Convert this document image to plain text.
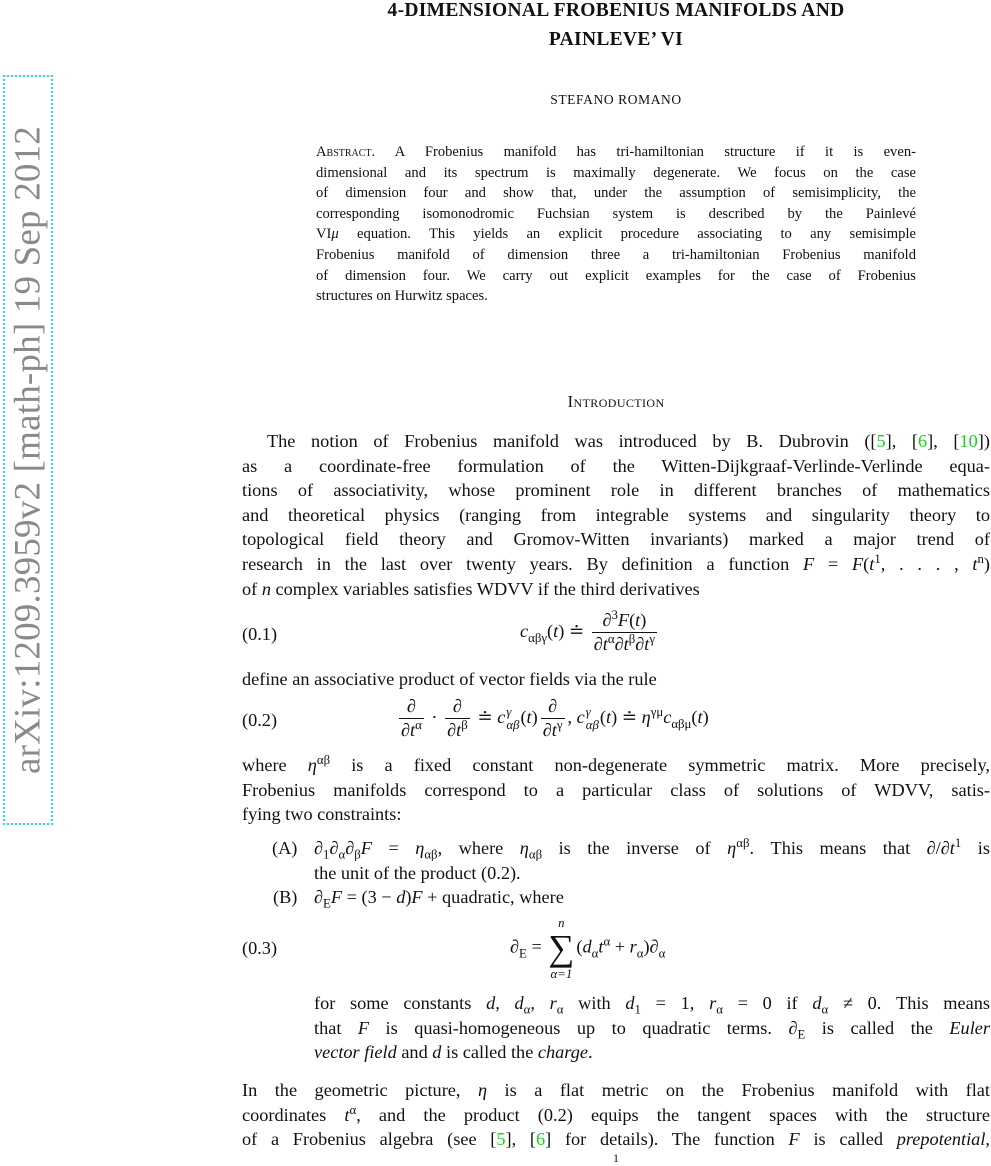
arXiv:1209.3959v2 [math-ph] 19 Sep 2012
4-DIMENSIONAL FROBENIUS MANIFOLDS AND
PAINLEVE’ VI
STEFANO ROMANO
Abstract. A Frobenius manifold has tri-hamiltonian structure if it is even-
dimensional and its spectrum is maximally degenerate. We focus on the case
of dimension four and show that, under the assumption of semisimplicity, the
corresponding isomonodromic Fuchsian system is described by the Painlevé
VIμ equation. This yields an explicit procedure associating to any semisimple
Frobenius manifold of dimension three a tri-hamiltonian Frobenius manifold
of dimension four. We carry out explicit examples for the case of Frobenius
structures on Hurwitz spaces.
Introduction
The notion of Frobenius manifold was introduced by B. Dubrovin ([5], [6], [10])
as a coordinate-free formulation of the Witten-Dijkgraaf-Verlinde-Verlinde equa-
tions of associativity, whose prominent role in different branches of mathematics
and theoretical physics (ranging from integrable systems and singularity theory to
topological field theory and Gromov-Witten invariants) marked a major trend of
research in the last over twenty years. By definition a function $F = F(t^1$, . . . , $t^n$)
of n complex variables satisfies WDVV if the third derivatives
(0.1)	$c_{\alpha\beta\gamma}(t)$ ≐ $\frac{\partial^3F(t)}{\partial t^\alpha\partial t^\beta\partial t^\gamma}$
define an associative product of vector fields via the rule
(0.2)	$\frac{\partial}{\partial t^\alpha} \cdot \frac{\partial}{\partial t^\beta}$ ≐ c γ
αβ $(t) \frac{\partial}{\partial t^\gamma}$ , c γ
αβ (t) ≐ $\eta^{\gamma\mu}c_{\alpha\beta\mu}(t)$
where $\eta^{\alpha\beta}$ is a fixed constant non-degenerate symmetric matrix. More precisely,
Frobenius manifolds correspond to a particular class of solutions of WDVV, satis-
fying two constraints:
(A) $\partial_1\partial_\alpha\partial_\beta F = \eta_{\alpha\beta}$, where $\eta_{\alpha\beta}$ is the inverse of $\eta^{\alpha\beta}$. This means that $\partial/\partial t^1$ is
the unit of the product (0.2).
(B) $\partial_EF = (3 - d)F$ + quadratic, where
(0.3)	$\partial_E$ =
n
∑
α=1
$(d_\alpha t^\alpha + r_\alpha)\partial_\alpha$
for some constants d, $d_\alpha$, $r_\alpha$ with $d_1 = 1$, $r_\alpha = 0$ if $d_\alpha \ne 0$. This means
that F is quasi-homogeneous up to quadratic terms. $\partial_E$ is called the Euler
vector field and d is called the charge.
In the geometric picture, η is a flat metric on the Frobenius manifold with flat
coordinates $t^\alpha$, and the product (0.2) equips the tangent spaces with the structure
of a Frobenius algebra (see [5], [6] for details). The function F is called prepotential,
1
